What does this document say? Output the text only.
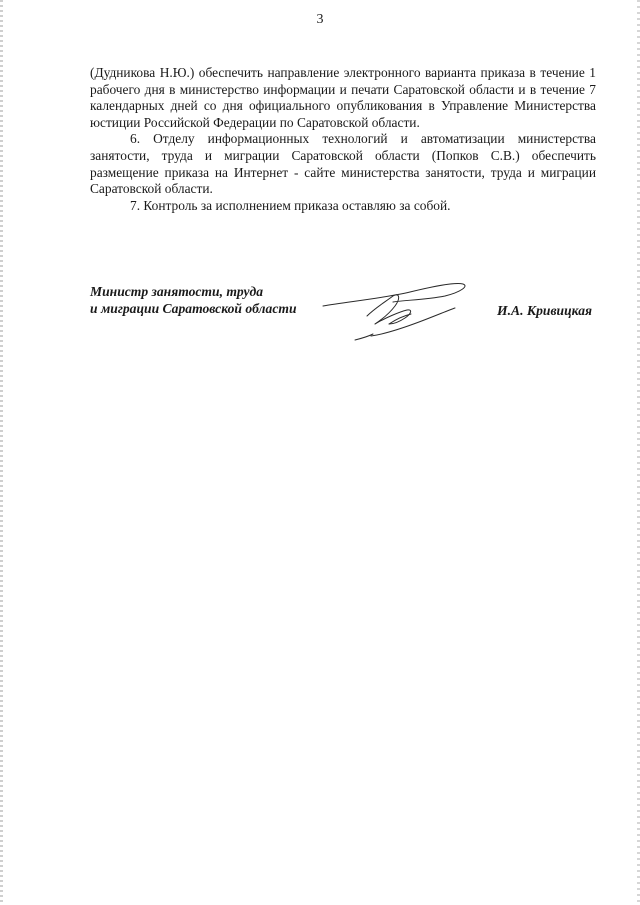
3

(Дудникова Н.Ю.) обеспечить направление электронного варианта приказа в течение 1 рабочего дня в министерство информации и печати Саратовской области и в течение 7 календарных дней со дня официального опубликования в Управление Министерства юстиции Российской Федерации по Саратовской области.

6. Отделу информационных технологий и автоматизации министерства занятости, труда и миграции Саратовской области (Попков С.В.) обеспечить размещение приказа на Интернет - сайте министерства занятости, труда и миграции Саратовской области.

7. Контроль за исполнением приказа оставляю за собой.

Министр занятости, труда
и миграции Саратовской области	И.А. Кривицкая
